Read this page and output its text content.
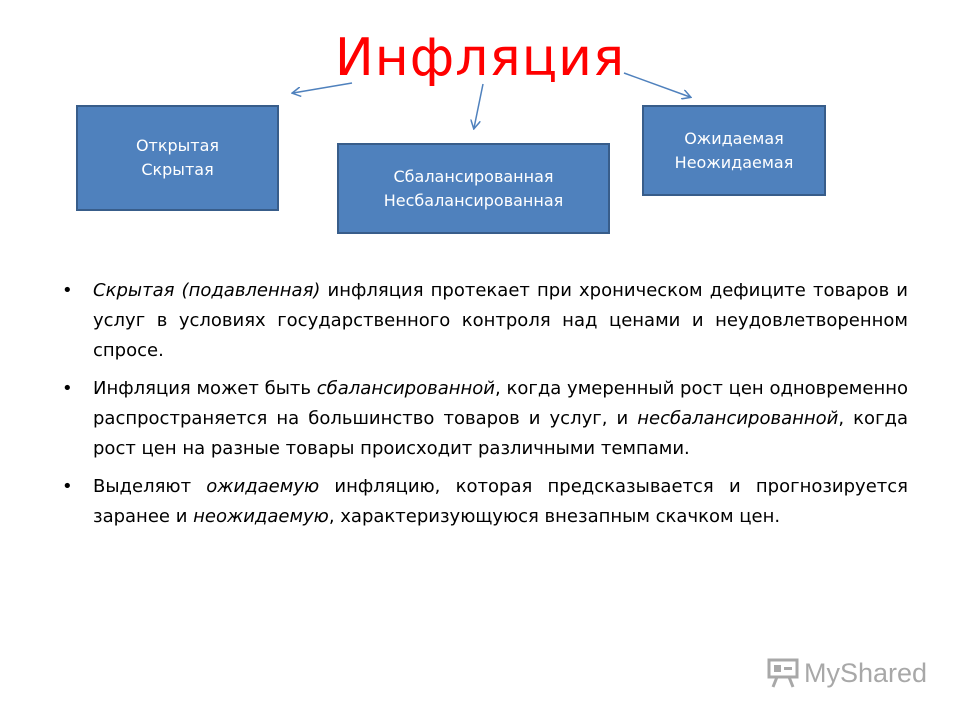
Инфляция
Открытая
Скрытая	Сбалансированная
Несбалансированная
Ожидаемая
Неожидаемая
• Скрытая (подавленная) инфляция протекает при хроническом дефиците товаров и услуг в условиях государственного контроля над ценами и неудовлетворенном спросе.
• Инфляция может быть сбалансированной, когда умеренный рост цен одновременно распространяется на большинство товаров и услуг, и несбалансированной, когда рост цен на разные товары происходит различными темпами.
• Выделяют ожидаемую инфляцию, которая предсказывается и прогнозируется заранее и неожидаемую, характеризующуюся внезапным скачком цен.
MyShared
